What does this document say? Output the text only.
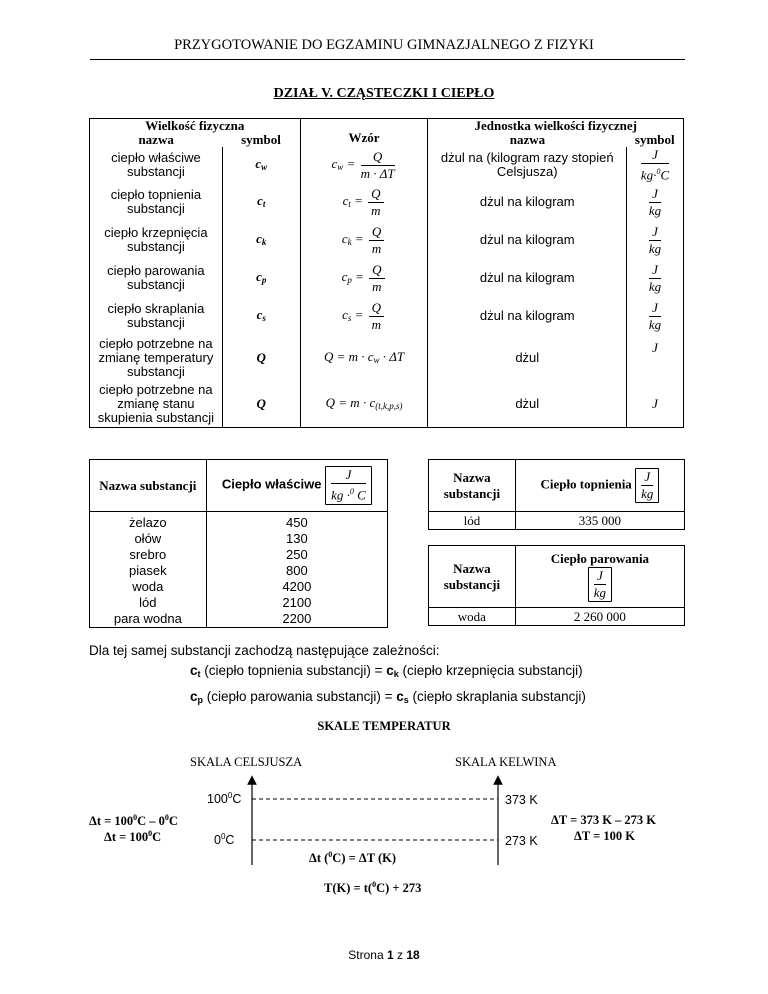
PRZYGOTOWANIE DO EGZAMINU GIMNAZJALNEGO Z FIZYKI
DZIAŁ V. CZĄSTECZKI I CIEPŁO
Wielkość fizyczna		Wzór	Jednostka wielkości fizycznej	
nazwa	symbol		nazwa	symbol
ciepło właściwe substancji	$c_w$	$c_w = \frac{Q}{m \cdot \Delta T}$	dżul na (kilogram razy stopień Celsjusza)	$\frac{J}{kg\cdot^0C}$

ciepło topnienia substancji	$c_t$	$c_t = \frac{Q}{m}$	dżul na kilogram	$\frac{J}{kg}$

ciepło krzepnięcia substancji	$c_k$	$c_k = \frac{Q}{m}$	dżul na kilogram	$\frac{J}{kg}$

ciepło parowania substancji	$c_p$	$c_p = \frac{Q}{m}$	dżul na kilogram	$\frac{J}{kg}$

ciepło skraplania substancji	$c_s$	$c_s = \frac{Q}{m}$	dżul na kilogram	$\frac{J}{kg}$

ciepło potrzebne na zmianę temperatury substancji	Q	$Q = m \cdot c_w \cdot \Delta T$	dżul	J
ciepło potrzebne na zmianę stanu skupienia substancji	Q	$Q = m \cdot c_{(t,k,p,s)}$	dżul	J
Nazwa substancji	Ciepło właściwe $\frac{J}{kg \cdot^0 C}$

żelazo	450
ołów	130
srebro	250
piasek	800
woda	4200
lód	2100
para wodna	2200
Nazwa substancji	Ciepło topnienia $\frac{J}{kg}$

lód	335 000
Nazwa substancji	Ciepło parowania
$\frac{J}{kg}$

woda	2 260 000
Dla tej samej substancji zachodzą następujące zależności:
$c_t$ (ciepło topnienia substancji) = $c_k$ (ciepło krzepnięcia substancji)
$c_p$ (ciepło parowania substancji) = $c_s$ (ciepło skraplania substancji)
SKALE TEMPERATUR
SKALA CELSJUSZA	SKALA KELWINA
$100^0C$
$0^0C$
373 K
273 K
$\Delta t = 100^0C - 0^0C$
$\Delta t = 100^0C$
ΔT = 373 K – 273 K
ΔT = 100 K
Δt ($^0$C) = ΔT (K)
T(K) = t($^0$C) + 273
Strona 1 z 18
